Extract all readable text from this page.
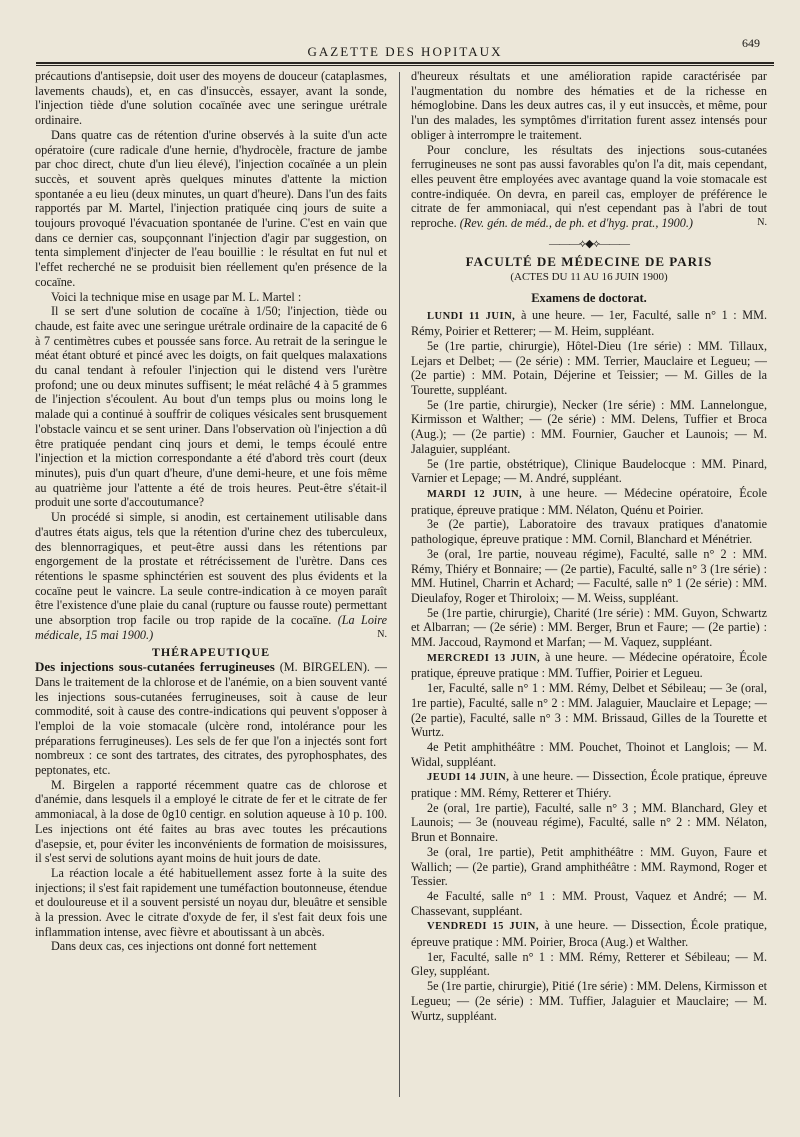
GAZETTE DES HOPITAUX
649

précautions d'antisepsie, doit user des moyens de douceur (cataplasmes, lavements chauds), et, en cas d'insuccès, essayer, avant la sonde, l'injection tiède d'une solution cocaïnée avec une seringue urétrale ordinaire.

Dans quatre cas de rétention d'urine observés à la suite d'un acte opératoire (cure radicale d'une hernie, d'hydrocèle, fracture de jambe par choc direct, chute d'un lieu élevé), l'injection cocaïnée a un plein succès, et souvent après quelques minutes d'attente la miction spontanée a eu lieu (deux minutes, un quart d'heure). Dans l'un des faits rapportés par M. Martel, l'injection pratiquée cinq jours de suite a toujours provoqué l'évacuation spontanée de l'urine. C'est en vain que dans ce dernier cas, soupçonnant l'injection d'agir par suggestion, on tenta simplement d'injecter de l'eau bouillie : le résultat en fut nul et l'effet recherché ne se produisit bien réellement qu'en présence de la cocaïne.

Voici la technique mise en usage par M. L. Martel :

Il se sert d'une solution de cocaïne à 1/50; l'injection, tiède ou chaude, est faite avec une seringue urétrale ordinaire de la capacité de 6 à 7 centimètres cubes et poussée sans force. Au retrait de la seringue le méat étant obturé et pincé avec les doigts, on fait quelques malaxations du canal tendant à refouler l'injection qui le distend vers l'urètre profond; une ou deux minutes suffisent; le méat relâché 4 à 5 grammes de l'injection s'écoulent. Au bout d'un temps plus ou moins long le malade qui a continué à souffrir de coliques vésicales sent brusquement l'obstacle vaincu et se sent uriner. Dans l'observation où l'injection a dû être pratiquée pendant cinq jours et demi, le temps écoulé entre l'injection et la miction correspondante a été d'abord très court (deux minutes), puis d'un quart d'heure, d'une demi-heure, et une fois même au quatrième jour l'attente a été de trois heures. Peut-être s'était-il produit une sorte d'accoutumance?

Un procédé si simple, si anodin, est certainement utilisable dans d'autres états aigus, tels que la rétention d'urine chez des tuberculeux, des blennorragiques, et peut-être aussi dans les rétentions par engorgement de la prostate et rétrécissement de l'urètre. Dans ces rétentions le spasme sphinctérien est souvent des plus évidents et la cocaïne peut le vaincre. La seule contre-indication à ce moyen paraît être l'existence d'une plaie du canal (rupture ou fausse route) permettant une absorption trop facile ou trop rapide de la cocaïne. (La Loire médicale, 15 mai 1900.)	N.

THÉRAPEUTIQUE

Des injections sous-cutanées ferrugineuses (M. BIRGELEN). — Dans le traitement de la chlorose et de l'anémie, on a bien souvent vanté les injections sous-cutanées ferrugineuses, soit à cause de leur commodité, soit à cause des contre-indications qui peuvent s'opposer à l'emploi de la voie stomacale (ulcère rond, intolérance pour les préparations ferrugineuses). Les sels de fer que l'on a injectés sont fort nombreux : ce sont des tartrates, des citrates, des pyrophosphates, des peptonates, etc.

M. Birgelen a rapporté récemment quatre cas de chlorose et d'anémie, dans lesquels il a employé le citrate de fer et le citrate de fer ammoniacal, à la dose de 0g10 centigr. en solution aqueuse à 10 p. 100. Les injections ont été faites au bras avec toutes les précautions d'asepsie, et, pour éviter les inconvénients de formation de moisissures, il s'est servi de solutions ayant moins de huit jours de date.

La réaction locale a été habituellement assez forte à la suite des injections; il s'est fait rapidement une tuméfaction boutonneuse, étendue et douloureuse et il a souvent persisté un noyau dur, bleuâtre et sensible à la pression. Avec le citrate d'oxyde de fer, il s'est fait deux fois une inflammation intense, avec fièvre et aboutissant à un abcès.

Dans deux cas, ces injections ont donné fort nettement

d'heureux résultats et une amélioration rapide caractérisée par l'augmentation du nombre des hématies et de la richesse en hémoglobine. Dans les deux autres cas, il y eut insuccès, et même, pour l'un des malades, les symptômes d'irritation furent assez intensés pour obliger à interrompre le traitement.

Pour conclure, les résultats des injections sous-cutanées ferrugineuses ne sont pas aussi favorables qu'on l'a dit, mais cependant, elles peuvent être employées avec avantage quand la voie stomacale est contre-indiquée. On devra, en pareil cas, employer de préférence le citrate de fer ammoniacal, qui n'est cependant pas à l'abri de tout reproche. (Rev. gén. de méd., de ph. et d'hyg. prat., 1900.)	N.

———⟡◆⟡———
FACULTÉ DE MÉDECINE DE PARIS
(ACTES DU 11 AU 16 JUIN 1900)
Examens de doctorat.

LUNDI 11 JUIN, à une heure. — 1er, Faculté, salle n° 1 : MM. Rémy, Poirier et Retterer; — M. Heim, suppléant.

5e (1re partie, chirurgie), Hôtel-Dieu (1re série) : MM. Tillaux, Lejars et Delbet; — (2e série) : MM. Terrier, Mauclaire et Legueu; — (2e partie) : MM. Potain, Déjerine et Teissier; — M. Gilles de la Tourette, suppléant.

5e (1re partie, chirurgie), Necker (1re série) : MM. Lannelongue, Kirmisson et Walther; — (2e série) : MM. Delens, Tuffier et Broca (Aug.); — (2e partie) : MM. Fournier, Gaucher et Launois; — M. Jalaguier, suppléant.

5e (1re partie, obstétrique), Clinique Baudelocque : MM. Pinard, Varnier et Lepage; — M. André, suppléant.

MARDI 12 JUIN, à une heure. — Médecine opératoire, École pratique, épreuve pratique : MM. Nélaton, Quénu et Poirier.

3e (2e partie), Laboratoire des travaux pratiques d'anatomie pathologique, épreuve pratique : MM. Cornil, Blanchard et Ménétrier.

3e (oral, 1re partie, nouveau régime), Faculté, salle n° 2 : MM. Rémy, Thiéry et Bonnaire; — (2e partie), Faculté, salle n° 3 (1re série) : MM. Hutinel, Charrin et Achard; — Faculté, salle n° 1 (2e série) : MM. Dieulafoy, Roger et Thiroloix; — M. Weiss, suppléant.

5e (1re partie, chirurgie), Charité (1re série) : MM. Guyon, Schwartz et Albarran; — (2e série) : MM. Berger, Brun et Faure; — (2e partie) : MM. Jaccoud, Raymond et Marfan; — M. Vaquez, suppléant.

MERCREDI 13 JUIN, à une heure. — Médecine opératoire, École pratique, épreuve pratique : MM. Tuffier, Poirier et Legueu.

1er, Faculté, salle n° 1 : MM. Rémy, Delbet et Sébileau; — 3e (oral, 1re partie), Faculté, salle n° 2 : MM. Jalaguier, Mauclaire et Lepage; — (2e partie), Faculté, salle n° 3 : MM. Brissaud, Gilles de la Tourette et Wurtz.

4e Petit amphithéâtre : MM. Pouchet, Thoinot et Langlois; — M. Widal, suppléant.

JEUDI 14 JUIN, à une heure. — Dissection, École pratique, épreuve pratique : MM. Rémy, Retterer et Thiéry.

2e (oral, 1re partie), Faculté, salle n° 3 ; MM. Blanchard, Gley et Launois; — 3e (nouveau régime), Faculté, salle n° 2 : MM. Nélaton, Brun et Bonnaire.

3e (oral, 1re partie), Petit amphithéâtre : MM. Guyon, Faure et Wallich; — (2e partie), Grand amphithéâtre : MM. Raymond, Roger et Tessier.

4e Faculté, salle n° 1 : MM. Proust, Vaquez et André; — M. Chassevant, suppléant.

VENDREDI 15 JUIN, à une heure. — Dissection, École pratique, épreuve pratique : MM. Poirier, Broca (Aug.) et Walther.

1er, Faculté, salle n° 1 : MM. Rémy, Retterer et Sébileau; — M. Gley, suppléant.

5e (1re partie, chirurgie), Pitié (1re série) : MM. Delens, Kirmisson et Legueu; — (2e série) : MM. Tuffier, Jalaguier et Mauclaire; — M. Wurtz, suppléant.
